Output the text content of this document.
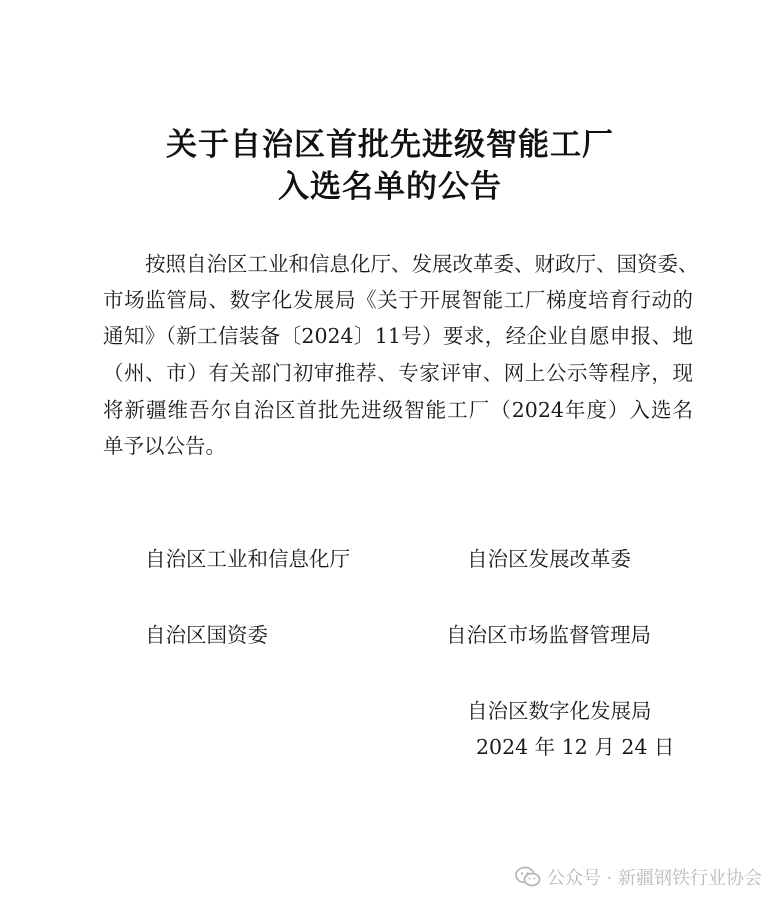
关于自治区首批先进级智能工厂
入选名单的公告
按照自治区工业和信息化厅、发展改革委、财政厅、国资委、
市场监管局、数字化发展局《关于开展智能工厂梯度培育行动的
通知》（新工信装备〔2024〕11号）要求，经企业自愿申报、地
（州、市）有关部门初审推荐、专家评审、网上公示等程序，现
将新疆维吾尔自治区首批先进级智能工厂（2024年度）入选名
单予以公告。
自治区工业和信息化厅	自治区发展改革委
自治区国资委	自治区市场监督管理局
自治区数字化发展局
2024 年 12 月 24 日
公众号 · 新疆钢铁行业协会
